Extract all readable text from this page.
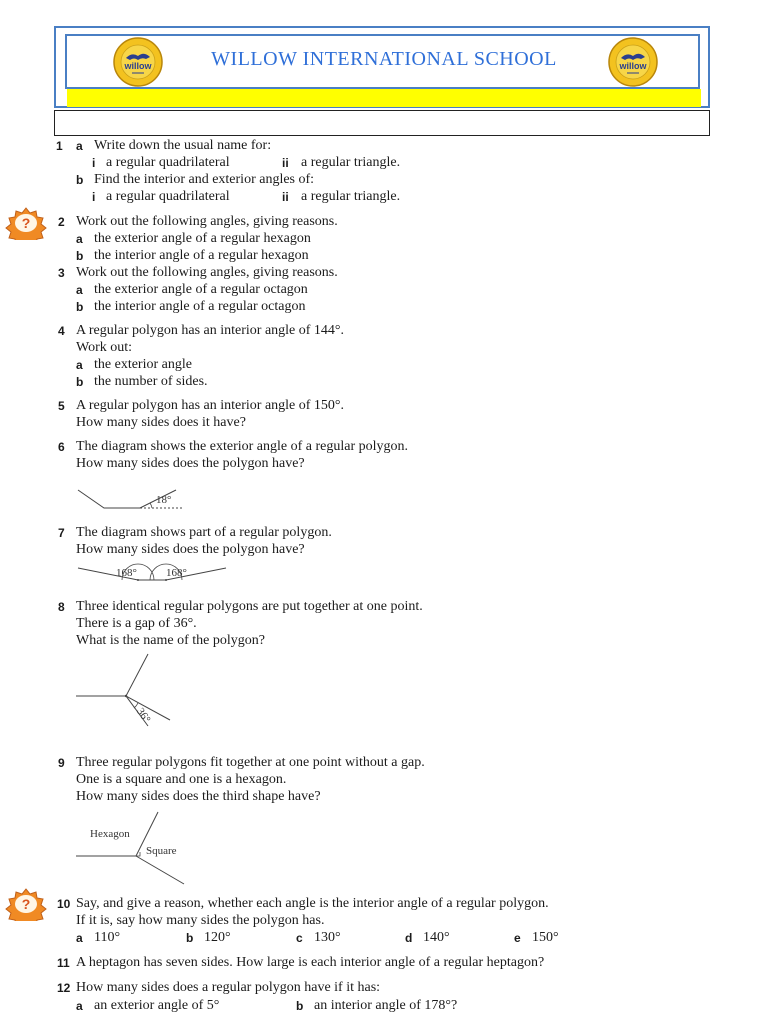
willow	WILLOW INTERNATIONAL SCHOOL	willow
?
?
1 a Write down the usual name for:
i a regular quadrilateral	ii a regular triangle.
b Find the interior and exterior angles of:
i a regular quadrilateral	ii a regular triangle.
2 Work out the following angles, giving reasons.
a the exterior angle of a regular hexagon
b the interior angle of a regular hexagon
3 Work out the following angles, giving reasons.
a the exterior angle of a regular octagon
b the interior angle of a regular octagon
4 A regular polygon has an interior angle of 144°.
Work out:
a the exterior angle
b the number of sides.
5 A regular polygon has an interior angle of 150°.
How many sides does it have?
6 The diagram shows the exterior angle of a regular polygon.
How many sides does the polygon have?
18°
7 The diagram shows part of a regular polygon.
How many sides does the polygon have?
168°	168°
8 Three identical regular polygons are put together at one point.
There is a gap of 36°.
What is the name of the polygon?
36°
9 Three regular polygons fit together at one point without a gap.
One is a square and one is a hexagon.
How many sides does the third shape have?
Hexagon
Square
10 Say, and give a reason, whether each angle is the interior angle of a regular polygon.
If it is, say how many sides the polygon has.
a 110°	b 120°	c 130°	d 140°	e 150°
11 A heptagon has seven sides. How large is each interior angle of a regular heptagon?
12 How many sides does a regular polygon have if it has:
a an exterior angle of 5°	b an interior angle of 178°?
